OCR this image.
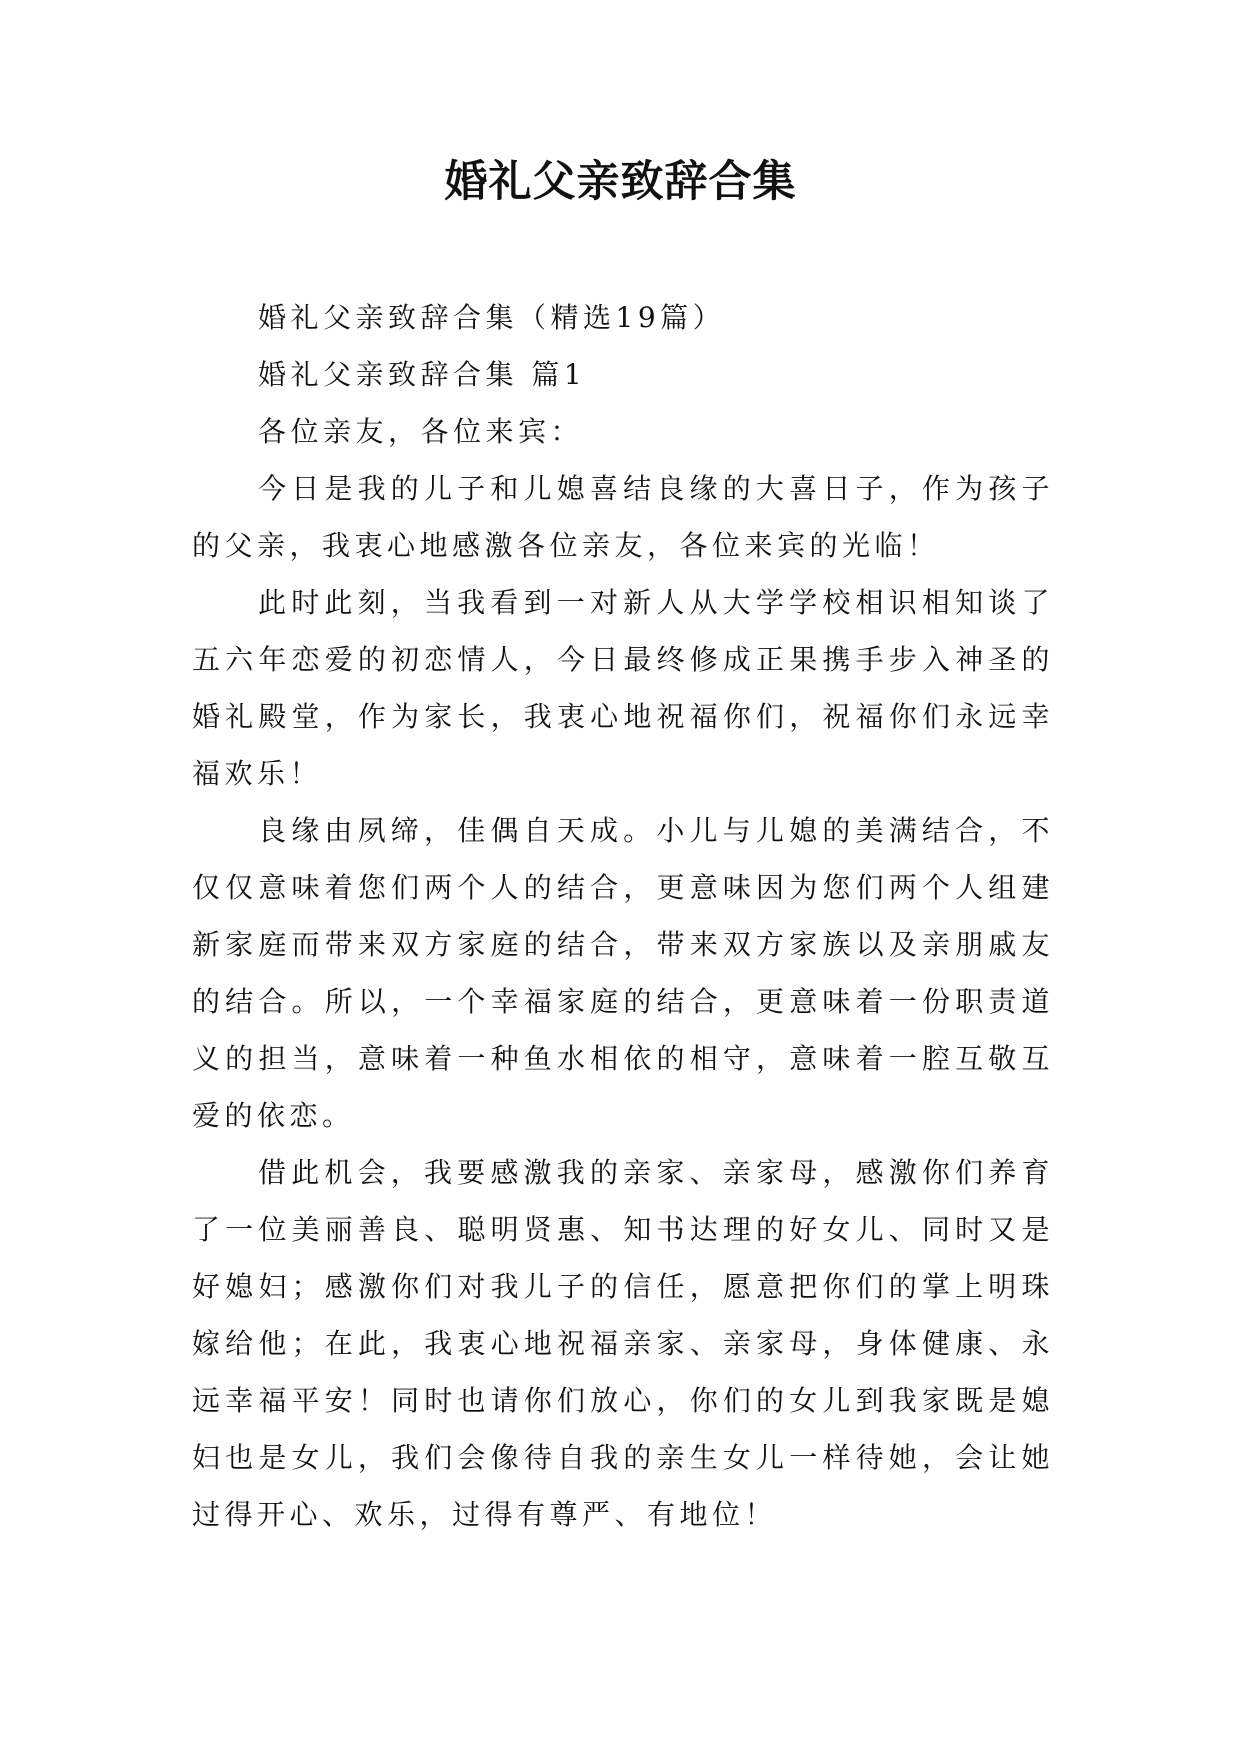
婚礼父亲致辞合集

婚礼父亲致辞合集（精选19篇）

婚礼父亲致辞合集 篇1

各位亲友，各位来宾：

今日是我的儿子和儿媳喜结良缘的大喜日子，作为孩子的父亲，我衷心地感激各位亲友，各位来宾的光临！

此时此刻，当我看到一对新人从大学学校相识相知谈了五六年恋爱的初恋情人，今日最终修成正果携手步入神圣的婚礼殿堂，作为家长，我衷心地祝福你们，祝福你们永远幸福欢乐！

良缘由夙缔，佳偶自天成。小儿与儿媳的美满结合，不仅仅意味着您们两个人的结合，更意味因为您们两个人组建新家庭而带来双方家庭的结合，带来双方家族以及亲朋戚友的结合。所以，一个幸福家庭的结合，更意味着一份职责道义的担当，意味着一种鱼水相依的相守，意味着一腔互敬互爱的依恋。

借此机会，我要感激我的亲家、亲家母，感激你们养育了一位美丽善良、聪明贤惠、知书达理的好女儿、同时又是好媳妇；感激你们对我儿子的信任，愿意把你们的掌上明珠嫁给他；在此，我衷心地祝福亲家、亲家母，身体健康、永远幸福平安！同时也请你们放心，你们的女儿到我家既是媳妇也是女儿，我们会像待自我的亲生女儿一样待她，会让她过得开心、欢乐，过得有尊严、有地位！
